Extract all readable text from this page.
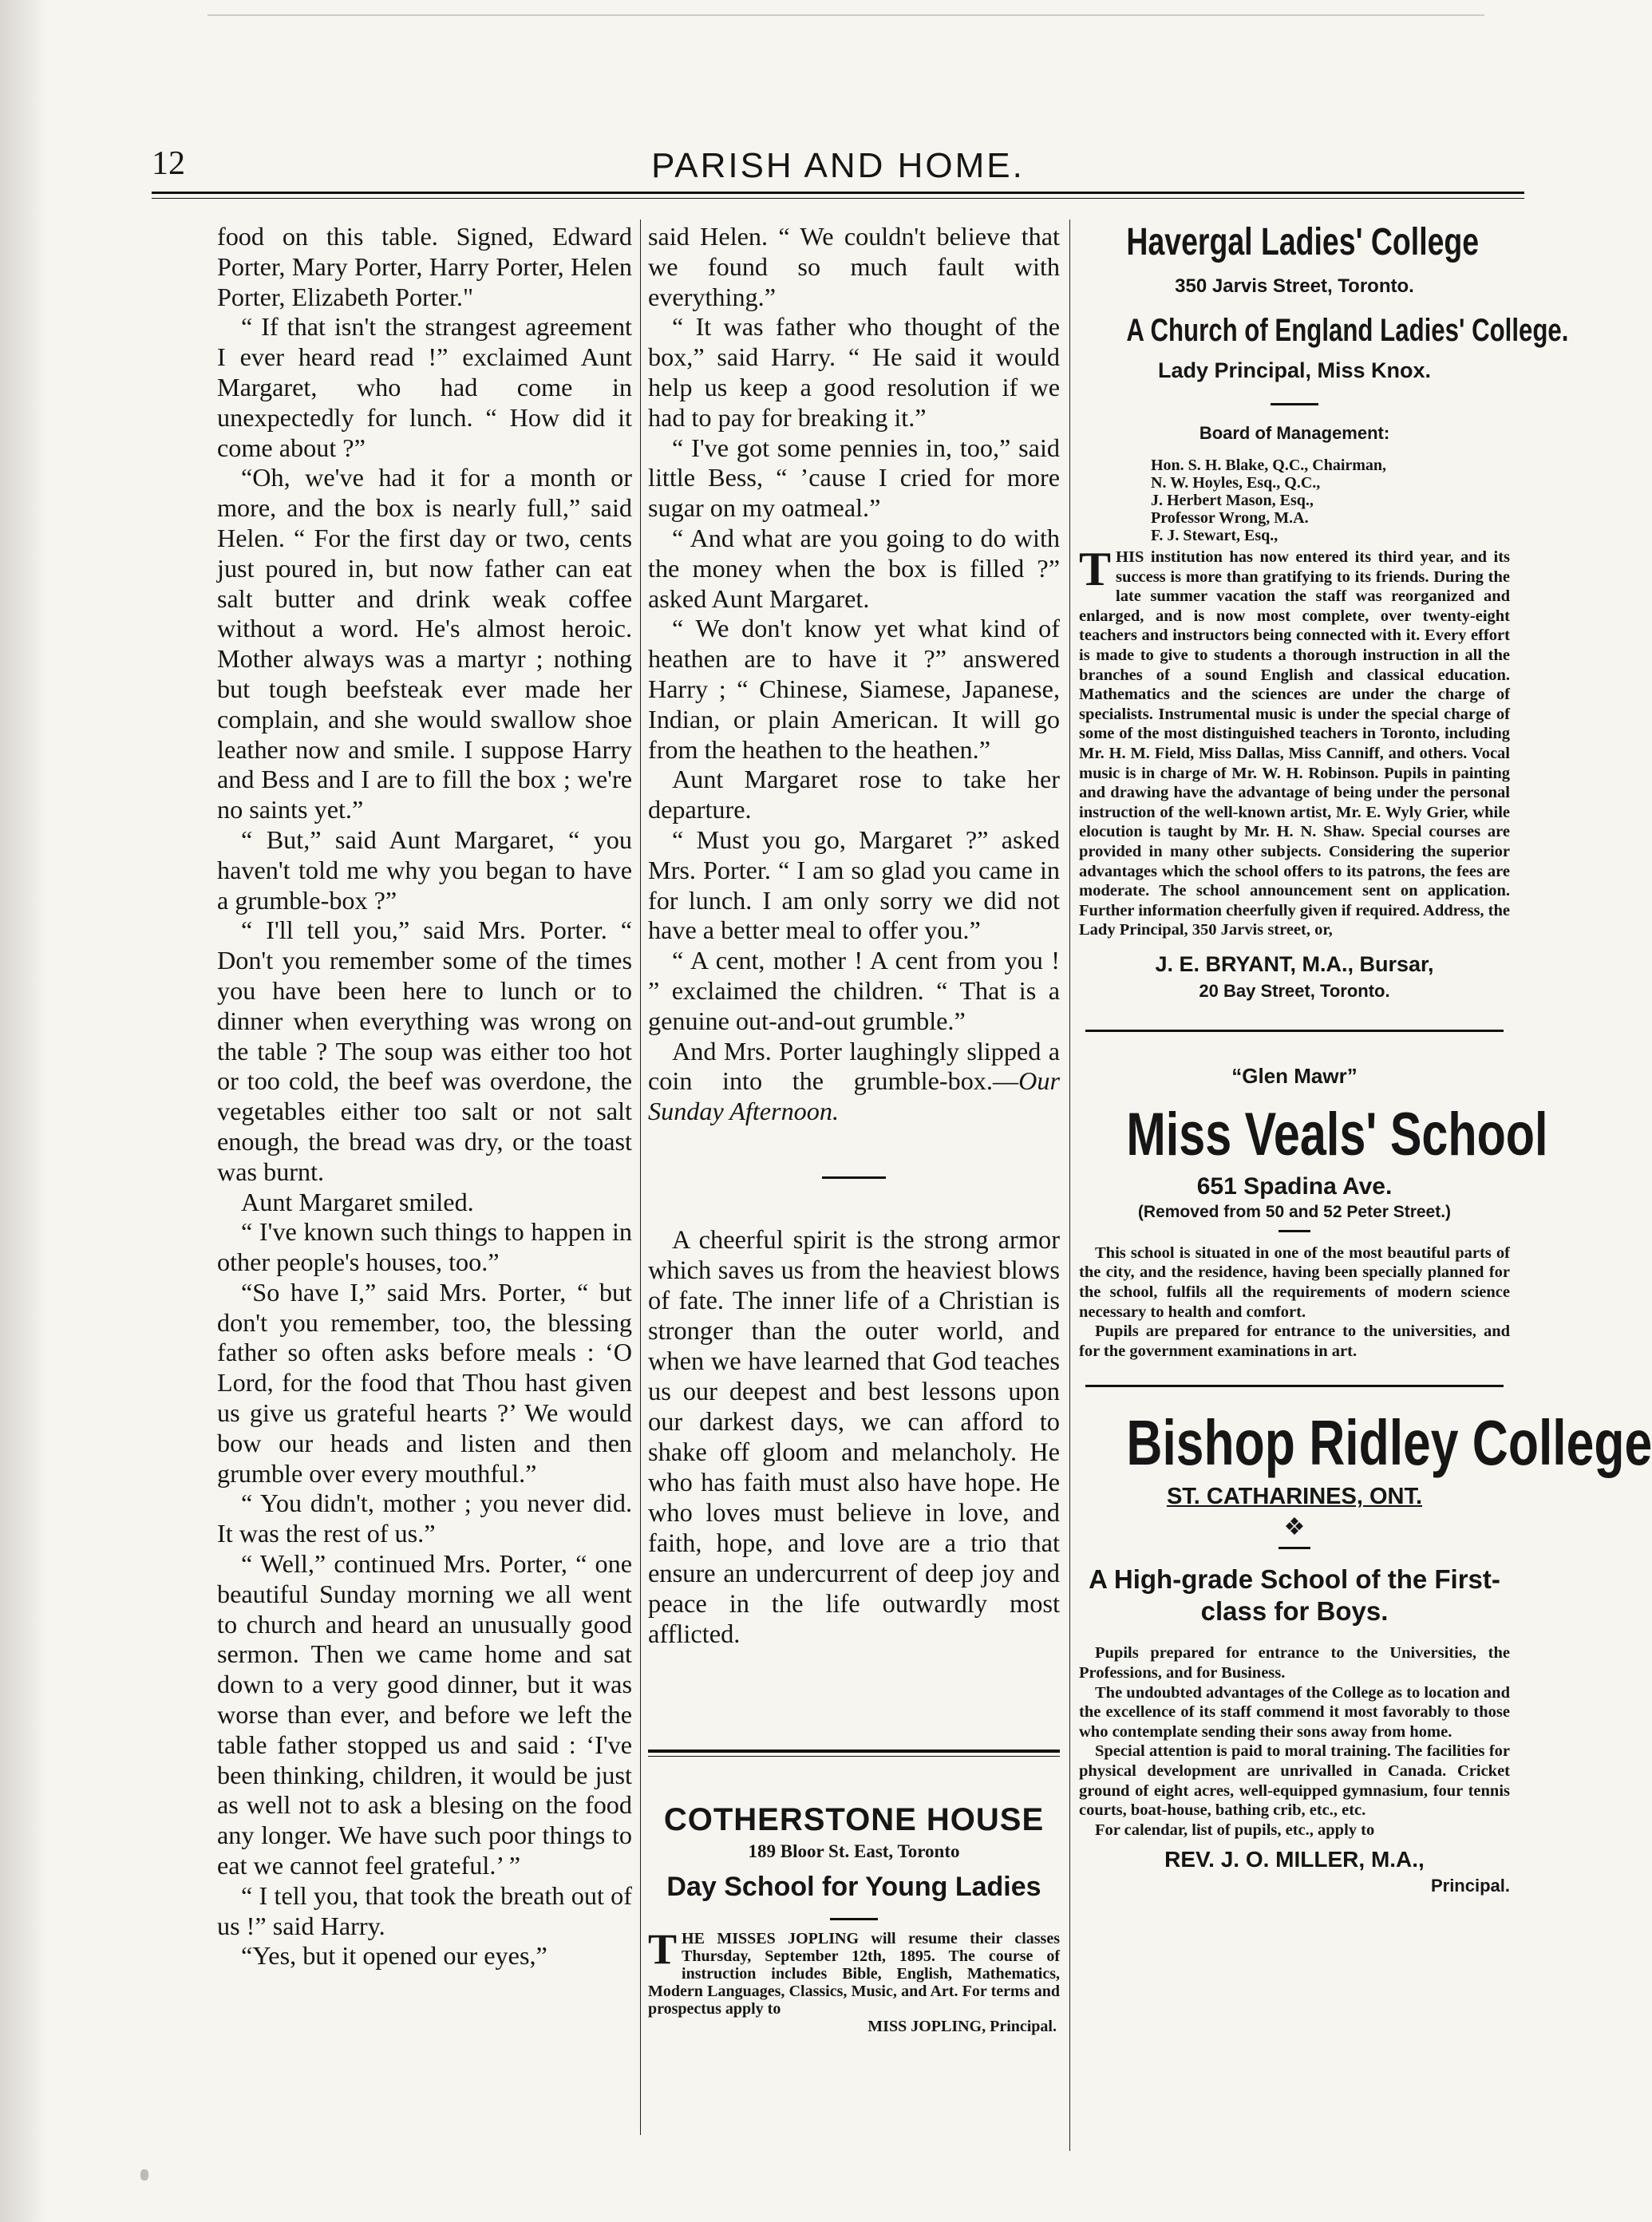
PARISH AND HOME.
12

food on this table. Signed, Edward Porter, Mary Porter, Harry Porter, Helen Porter, Elizabeth Porter."

“ If that isn't the strangest agreement I ever heard read !” exclaimed Aunt Margaret, who had come in unexpectedly for lunch. “ How did it come about ?”

“Oh, we've had it for a month or more, and the box is nearly full,” said Helen. “ For the first day or two, cents just poured in, but now father can eat salt butter and drink weak coffee without a word. He's almost heroic. Mother always was a martyr ; nothing but tough beefsteak ever made her complain, and she would swallow shoe leather now and smile. I suppose Harry and Bess and I are to fill the box ; we're no saints yet.”

“ But,” said Aunt Margaret, “ you haven't told me why you began to have a grumble-box ?”

“ I'll tell you,” said Mrs. Porter. “ Don't you remember some of the times you have been here to lunch or to dinner when everything was wrong on the table ? The soup was either too hot or too cold, the beef was overdone, the vegetables either too salt or not salt enough, the bread was dry, or the toast was burnt.

Aunt Margaret smiled.

“ I've known such things to happen in other people's houses, too.”

“So have I,” said Mrs. Porter, “ but don't you remember, too, the blessing father so often asks before meals : ‘O Lord, for the food that Thou hast given us give us grateful hearts ?’ We would bow our heads and listen and then grumble over every mouthful.”

“ You didn't, mother ; you never did. It was the rest of us.”

“ Well,” continued Mrs. Porter, “ one beautiful Sunday morning we all went to church and heard an unusually good sermon. Then we came home and sat down to a very good dinner, but it was worse than ever, and before we left the table father stopped us and said : ‘I've been thinking, children, it would be just as well not to ask a blesing on the food any longer. We have such poor things to eat we cannot feel grateful.’ ”

“ I tell you, that took the breath out of us !” said Harry.

“Yes, but it opened our eyes,”

said Helen. “ We couldn't believe that we found so much fault with everything.”

“ It was father who thought of the box,” said Harry. “ He said it would help us keep a good resolution if we had to pay for breaking it.”

“ I've got some pennies in, too,” said little Bess, “ ’cause I cried for more sugar on my oatmeal.”

“ And what are you going to do with the money when the box is filled ?” asked Aunt Margaret.

“ We don't know yet what kind of heathen are to have it ?” answered Harry ; “ Chinese, Siamese, Japanese, Indian, or plain American. It will go from the heathen to the heathen.”

Aunt Margaret rose to take her departure.

“ Must you go, Margaret ?” asked Mrs. Porter. “ I am so glad you came in for lunch. I am only sorry we did not have a better meal to offer you.”

“ A cent, mother ! A cent from you ! ” exclaimed the children. “ That is a genuine out-and-out grumble.”

And Mrs. Porter laughingly slipped a coin into the grumble-box.—Our Sunday Afternoon.

A cheerful spirit is the strong armor which saves us from the heaviest blows of fate. The inner life of a Christian is stronger than the outer world, and when we have learned that God teaches us our deepest and best lessons upon our darkest days, we can afford to shake off gloom and melancholy. He who has faith must also have hope. He who loves must believe in love, and faith, hope, and love are a trio that ensure an undercurrent of deep joy and peace in the life outwardly most afflicted.

COTHERSTONE HOUSE

189 Bloor St. East, Toronto

Day School for Young Ladies

THE MISSES JOPLING will resume their classes Thursday, September 12th, 1895. The course of instruction includes Bible, English, Mathematics, Modern Languages, Classics, Music, and Art. For terms and prospectus apply to

MISS JOPLING, Principal.

Havergal Ladies' College

350 Jarvis Street, Toronto.

A Church of England Ladies' College.

Lady Principal, Miss Knox.

Board of Management:

Hon. S. H. Blake, Q.C., Chairman,

N. W. Hoyles, Esq., Q.C.,

J. Herbert Mason, Esq.,

Professor Wrong, M.A.

F. J. Stewart, Esq.,

THIS institution has now entered its third year, and its success is more than gratifying to its friends. During the late summer vacation the staff was reorganized and enlarged, and is now most complete, over twenty-eight teachers and instructors being connected with it. Every effort is made to give to students a thorough instruction in all the branches of a sound English and classical education. Mathematics and the sciences are under the charge of specialists. Instrumental music is under the special charge of some of the most distinguished teachers in Toronto, including Mr. H. M. Field, Miss Dallas, Miss Canniff, and others. Vocal music is in charge of Mr. W. H. Robinson. Pupils in painting and drawing have the advantage of being under the personal instruction of the well-known artist, Mr. E. Wyly Grier, while elocution is taught by Mr. H. N. Shaw. Special courses are provided in many other subjects. Considering the superior advantages which the school offers to its patrons, the fees are moderate. The school announcement sent on application. Further information cheerfully given if required. Address, the Lady Principal, 350 Jarvis street, or,

J. E. BRYANT, M.A., Bursar,

20 Bay Street, Toronto.

“Glen Mawr”

Miss Veals' School

651 Spadina Ave.

(Removed from 50 and 52 Peter Street.)

This school is situated in one of the most beautiful parts of the city, and the residence, having been specially planned for the school, fulfils all the requirements of modern science necessary to health and comfort.

Pupils are prepared for entrance to the universities, and for the government examinations in art.

Bishop Ridley College

ST. CATHARINES, ONT.

❖

A High-grade School of the First-class for Boys.

Pupils prepared for entrance to the Universities, the Professions, and for Business.

The undoubted advantages of the College as to location and the excellence of its staff commend it most favorably to those who contemplate sending their sons away from home.

Special attention is paid to moral training. The facilities for physical development are unrivalled in Canada. Cricket ground of eight acres, well-equipped gymnasium, four tennis courts, boat-house, bathing crib, etc., etc.

For calendar, list of pupils, etc., apply to

REV. J. O. MILLER, M.A.,

Principal.
